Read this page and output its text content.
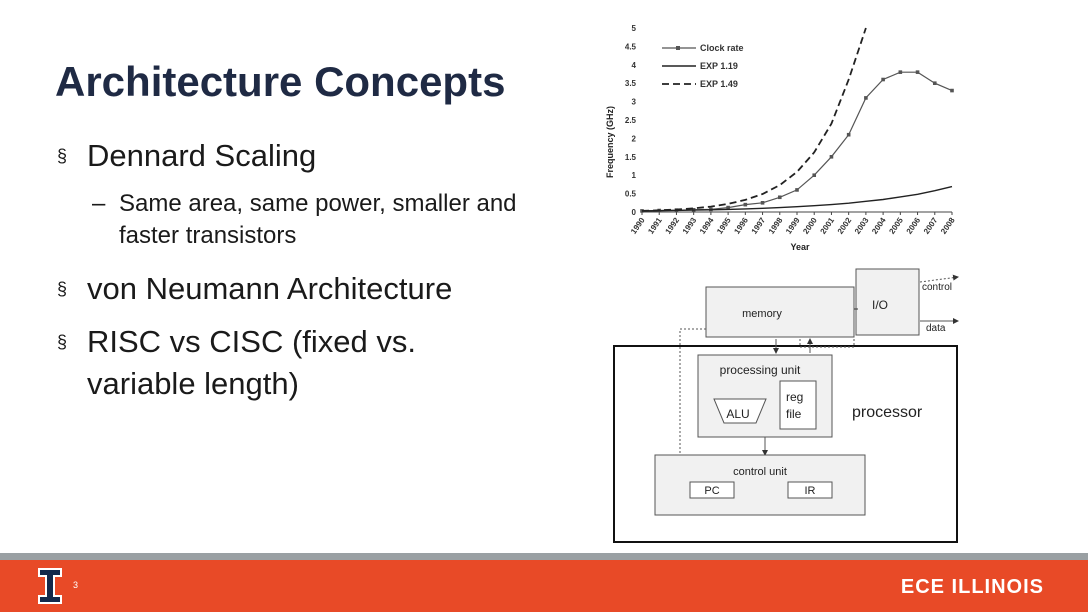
Architecture Concepts
§ Dennard Scaling
– Same area, same power, smaller and faster transistors
§ von Neumann Architecture
§ RISC vs CISC (fixed vs. variable length)
0
0.5
1
1.5
2
2.5
3
3.5
4
4.5
5
1990 1991 1992 1993 1994 1995 1996 1997 1998 1999 2000 2001 2002 2003 2004 2005 2006 2007 2008
Frequency (GHz)
Year
Clock rate
EXP 1.19
EXP 1.49
memory
I/O
control
data
processing unit
ALU
reg
file	processor
control unit
PC	IR
3	ECE ILLINOIS
